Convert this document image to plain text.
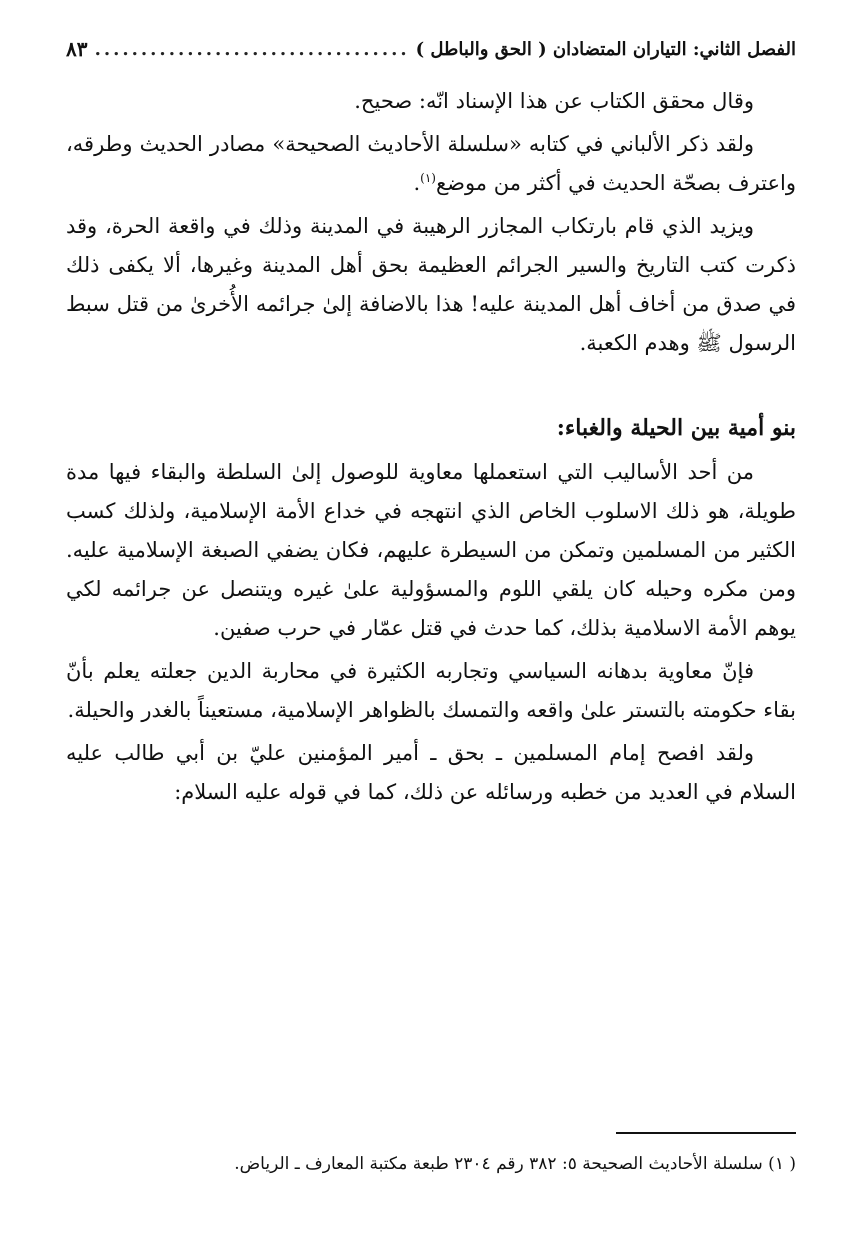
الفصل الثاني: التياران المتضادان ( الحق والباطل )
..................................
٨٣

وقال محقق الكتاب عن هذا الإسناد انّه: صحيح.

ولقد ذكر الألباني في كتابه «سلسلة الأحاديث الصحيحة» مصادر الحديث وطرقه، واعترف بصحّة الحديث في أكثر من موضع$^{(١)}$.

ويزيد الذي قام بارتكاب المجازر الرهيبة في المدينة وذلك في واقعة الحرة، وقد ذكرت كتب التاريخ والسير الجرائم العظيمة بحق أهل المدينة وغيرها، ألا يكفى ذلك في صدق من أخاف أهل المدينة عليه! هذا بالاضافة إلىٰ جرائمه الأُخرىٰ من قتل سبط الرسول ﷺ وهدم الكعبة.

بنو أمية بين الحيلة والغباء:

من أحد الأساليب التي استعملها معاوية للوصول إلىٰ السلطة والبقاء فيها مدة طويلة، هو ذلك الاسلوب الخاص الذي انتهجه في خداع الأمة الإسلامية، ولذلك كسب الكثير من المسلمين وتمكن من السيطرة عليهم، فكان يضفي الصبغة الإسلامية عليه. ومن مكره وحيله كان يلقي اللوم والمسؤولية علىٰ غيره ويتنصل عن جرائمه لكي يوهم الأمة الاسلامية بذلك، كما حدث في قتل عمّار في حرب صفين.

فإنّ معاوية بدهانه السياسي وتجاربه الكثيرة في محاربة الدين جعلته يعلم بأنّ بقاء حكومته بالتستر علىٰ واقعه والتمسك بالظواهر الإسلامية، مستعيناً بالغدر والحيلة.

ولقد افصح إمام المسلمين ـ بحق ـ أمير المؤمنين عليّ بن أبي طالب عليه السلام في العديد من خطبه ورسائله عن ذلك، كما في قوله عليه السلام:

( ١) سلسلة الأحاديث الصحيحة ٥: ٣٨٢ رقم ٢٣٠٤ طبعة مكتبة المعارف ـ الرياض.
